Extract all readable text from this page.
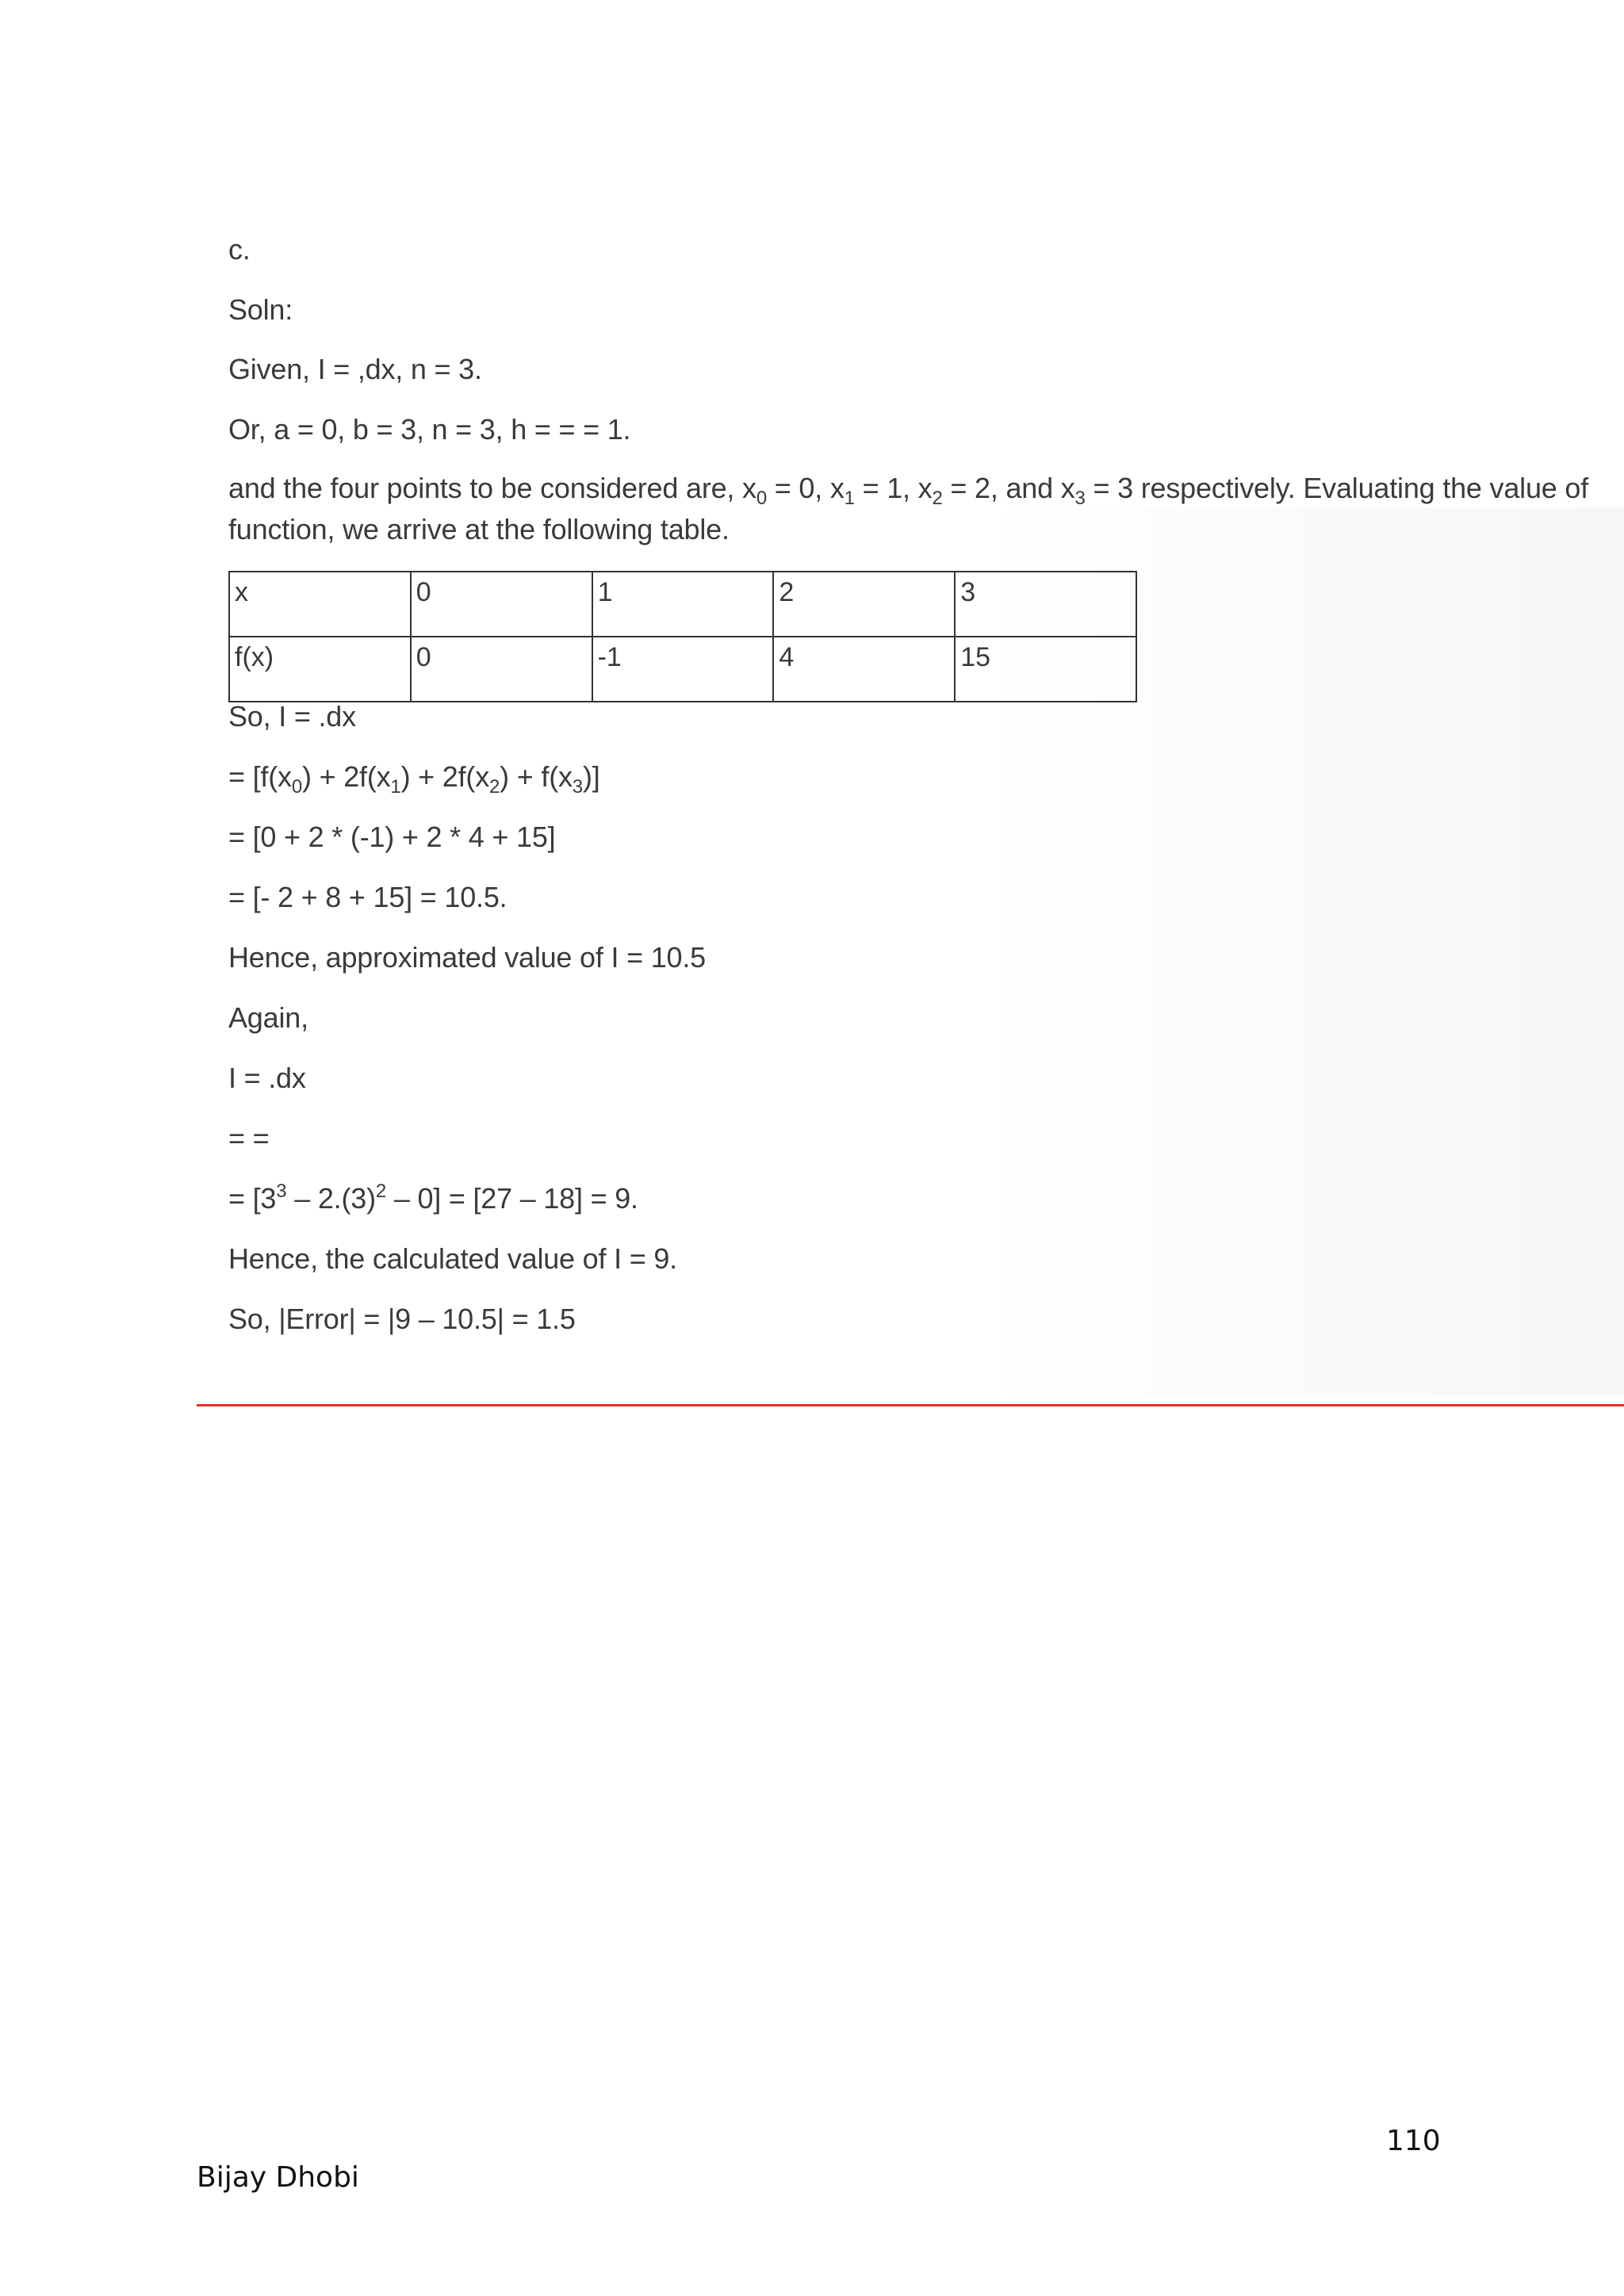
c.
Soln:
Given, I = ,dx, n = 3.
Or, a = 0, b = 3, n = 3, h = = = 1.
and the four points to be considered are, $x_0 = 0$, $x_1 = 1$, $x_2 = 2$, and $x_3 = 3$ respectively. Evaluating the value of function, we arrive at the following table.
x	0	1	2	3
f(x)	0	-1	4	15
So, I = .dx
= $[f(x_0) + 2f(x_1) + 2f(x_2) + f(x_3)]$
= [0 + 2 * (-1) + 2 * 4 + 15]
= [- 2 + 8 + 15] = 10.5.
Hence, approximated value of I = 10.5
Again,
I = .dx
= =
= $[3^3 - 2.(3)^2 - 0] = [27 - 18] = 9$.
Hence, the calculated value of I = 9.
So, |Error| = |9 – 10.5| = 1.5
110
Bijay Dhobi
